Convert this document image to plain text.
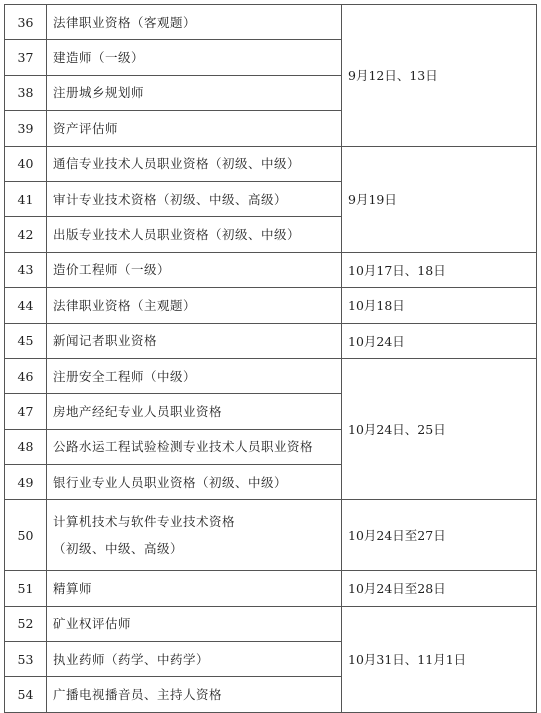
36	法律职业资格（客观题）	9月12日、13日
37	建造师（一级）	

38	注册城乡规划师	

39	资产评估师	

40	通信专业技术人员职业资格（初级、中级）	9月19日
41	审计专业技术资格（初级、中级、高级）	

42	出版专业技术人员职业资格（初级、中级）	

43	造价工程师（一级）	10月17日、18日
44	法律职业资格（主观题）	10月18日
45	新闻记者职业资格	10月24日
46	注册安全工程师（中级）	10月24日、25日
47	房地产经纪专业人员职业资格	

48	公路水运工程试验检测专业技术人员职业资格	

49	银行业专业人员职业资格（初级、中级）	

50	计算机技术与软件专业技术资格
（初级、中级、高级）	10月24日至27日
51	精算师	10月24日至28日
52	矿业权评估师	10月31日、11月1日
53	执业药师（药学、中药学）	

54	广播电视播音员、主持人资格	
